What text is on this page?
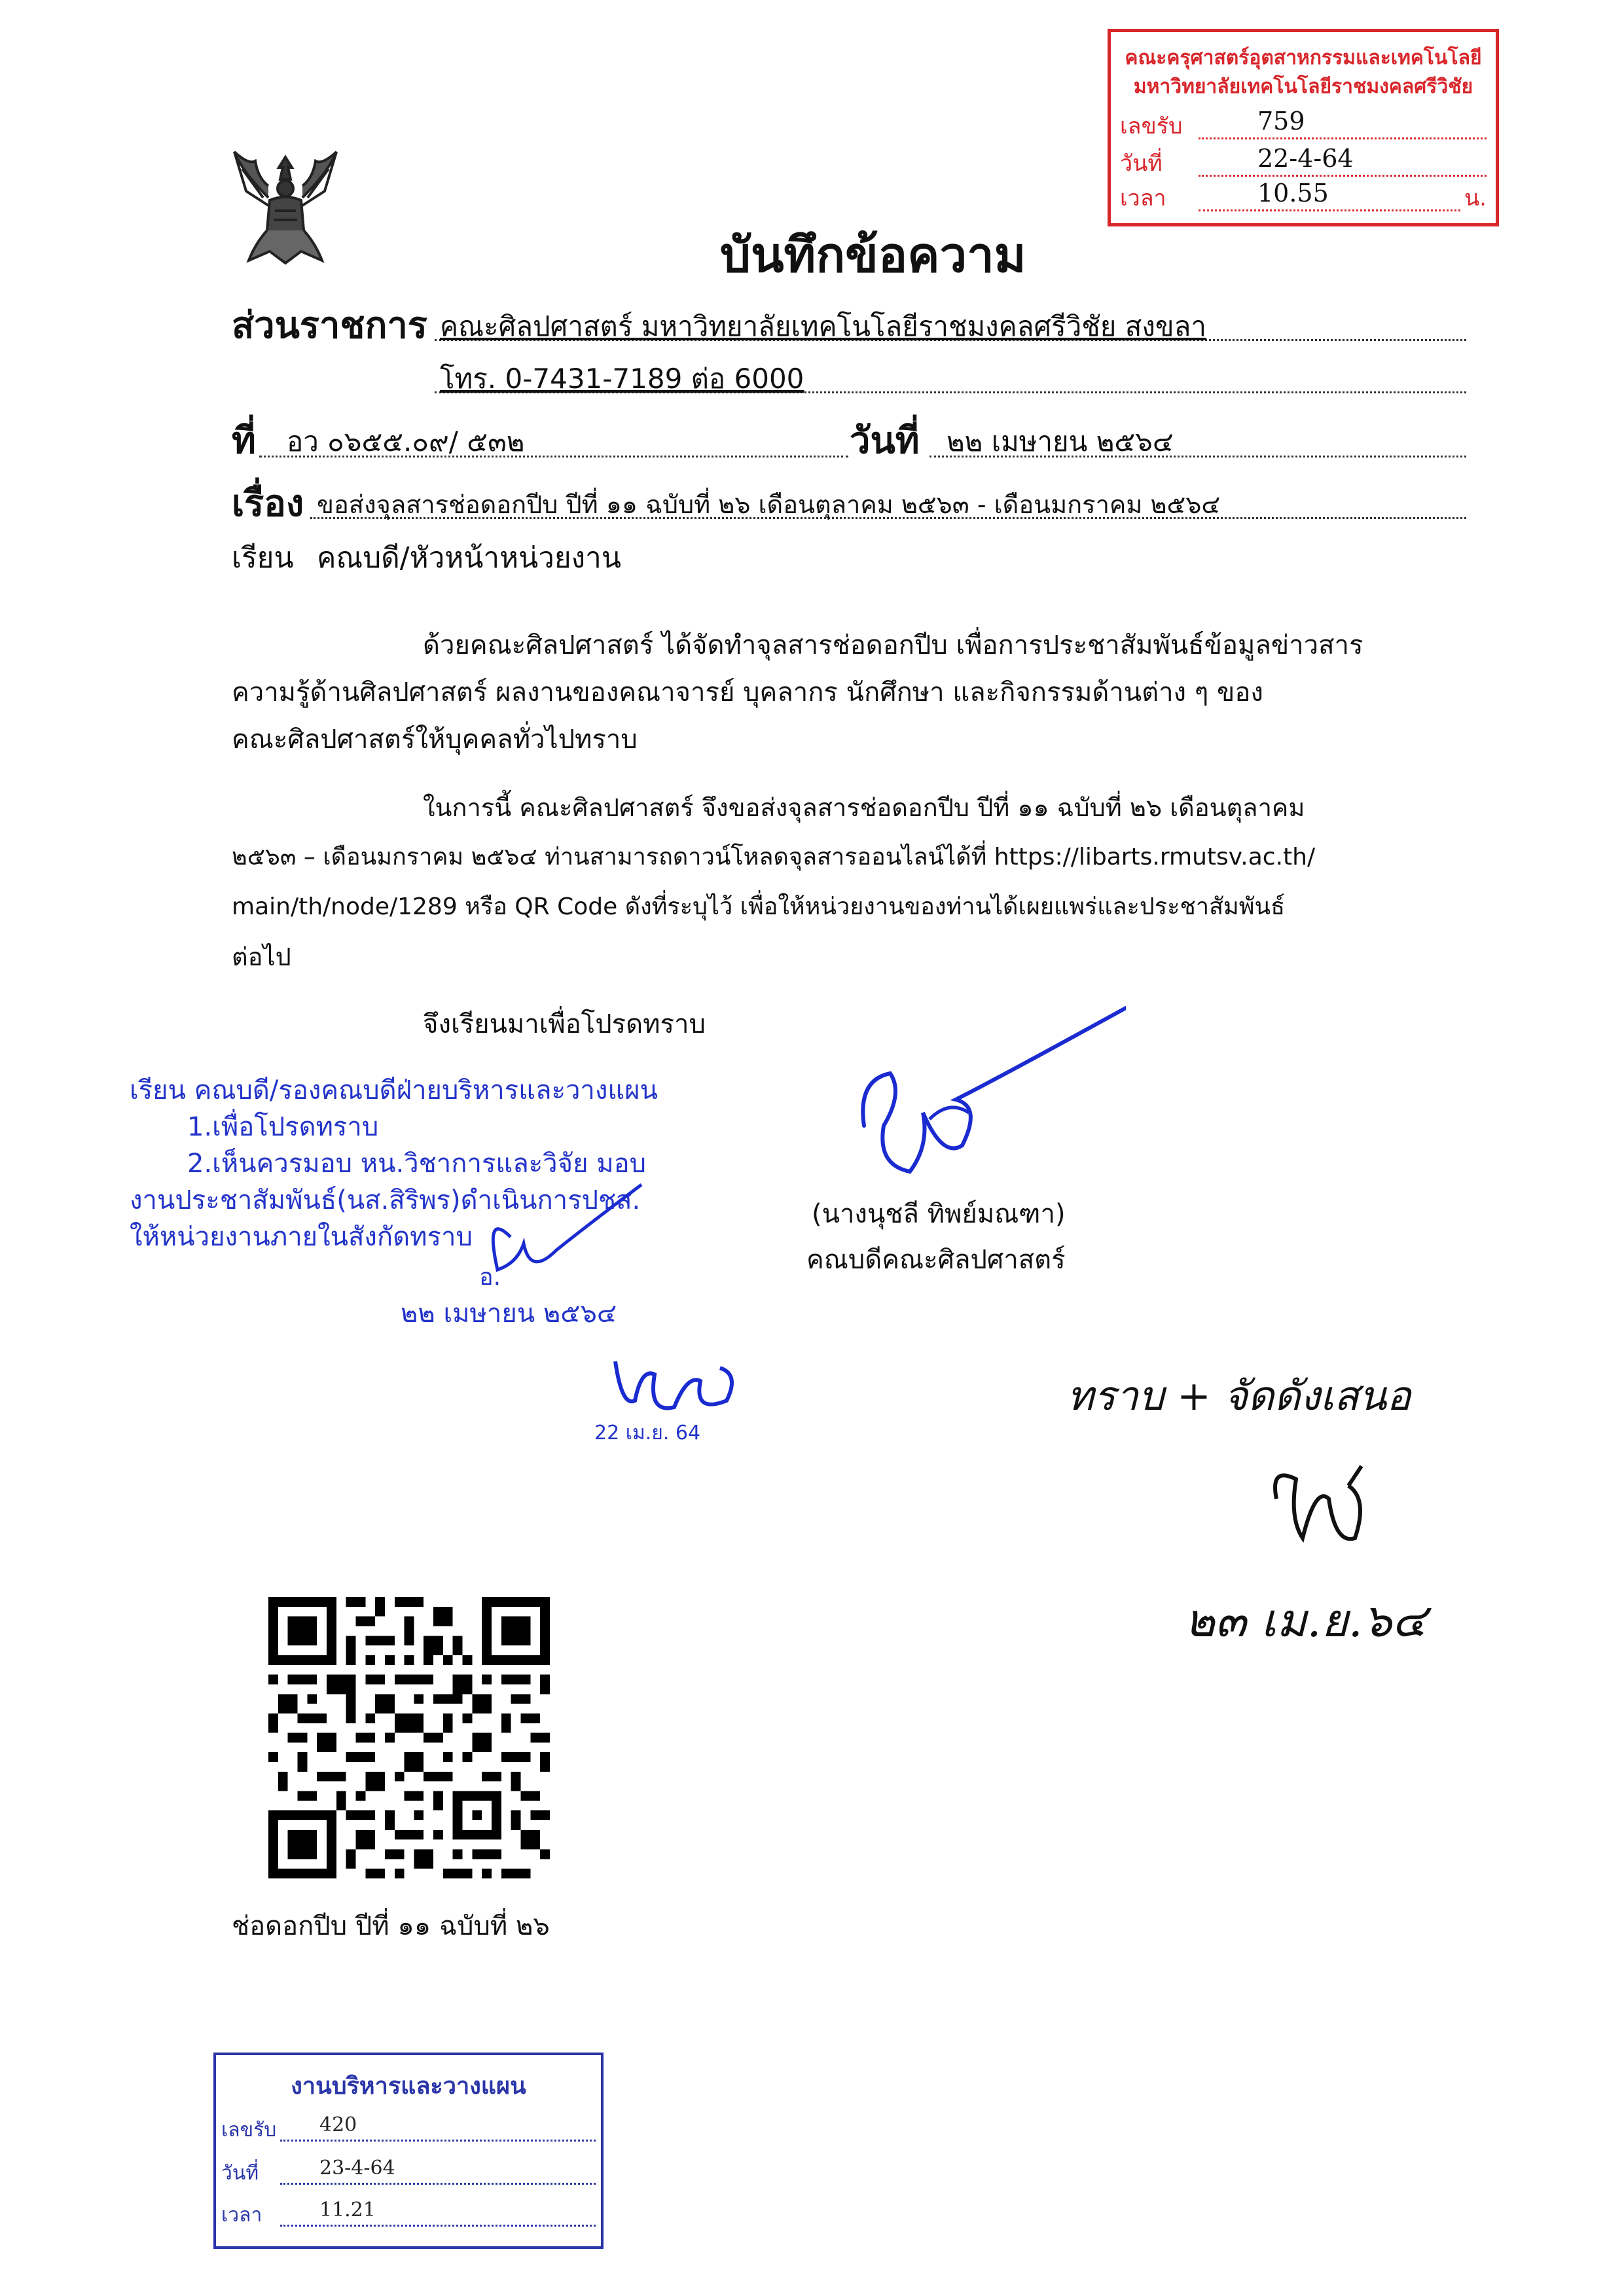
คณะครุศาสตร์อุตสาหกรรมและเทคโนโลยี
มหาวิทยาลัยเทคโนโลยีราชมงคลศรีวิชัย
เลขรับ	759
วันที่	22-4-64
เวลา	10.55	น.
บันทึกข้อความ
ส่วนราชการ คณะศิลปศาสตร์ มหาวิทยาลัยเทคโนโลยีราชมงคลศรีวิชัย สงขลา
โทร. 0-7431-7189 ต่อ 6000
ที่ อว ๐๖๕๕.๐๙/ ๕๓๒	วันที่ ๒๒ เมษายน ๒๕๖๔
เรื่อง ขอส่งจุลสารช่อดอกปีบ ปีที่ ๑๑ ฉบับที่ ๒๖ เดือนตุลาคม ๒๕๖๓ - เดือนมกราคม ๒๕๖๔
เรียน คณบดี/หัวหน้าหน่วยงาน
ด้วยคณะศิลปศาสตร์ ได้จัดทำจุลสารช่อดอกปีบ เพื่อการประชาสัมพันธ์ข้อมูลข่าวสาร
ความรู้ด้านศิลปศาสตร์ ผลงานของคณาจารย์ บุคลากร นักศึกษา และกิจกรรมด้านต่าง ๆ ของ
คณะศิลปศาสตร์ให้บุคคลทั่วไปทราบ
ในการนี้ คณะศิลปศาสตร์ จึงขอส่งจุลสารช่อดอกปีบ ปีที่ ๑๑ ฉบับที่ ๒๖ เดือนตุลาคม
๒๕๖๓ – เดือนมกราคม ๒๕๖๔ ท่านสามารถดาวน์โหลดจุลสารออนไลน์ได้ที่ https://libarts.rmutsv.ac.th/
main/th/node/1289 หรือ QR Code ดังที่ระบุไว้ เพื่อให้หน่วยงานของท่านได้เผยแพร่และประชาสัมพันธ์
ต่อไป
จึงเรียนมาเพื่อโปรดทราบ
(นางนุชลี ทิพย์มณฑา)
คณบดีคณะศิลปศาสตร์
เรียน คณบดี/รองคณบดีฝ่ายบริหารและวางแผน
1.เพื่อโปรดทราบ
2.เห็นควรมอบ หน.วิชาการและวิจัย มอบ
งานประชาสัมพันธ์(นส.สิริพร)ดำเนินการปชส.
ให้หน่วยงานภายในสังกัดทราบ
อ.
๒๒ เมษายน ๒๕๖๔
22 เม.ย. 64
ทราบ + จัดดังเสนอ
๒๓ เม.ย.๖๔
ช่อดอกปีบ ปีที่ ๑๑ ฉบับที่ ๒๖
งานบริหารและวางแผน
เลขรับ 420
วันที่	23-4-64
เวลา	11.21
